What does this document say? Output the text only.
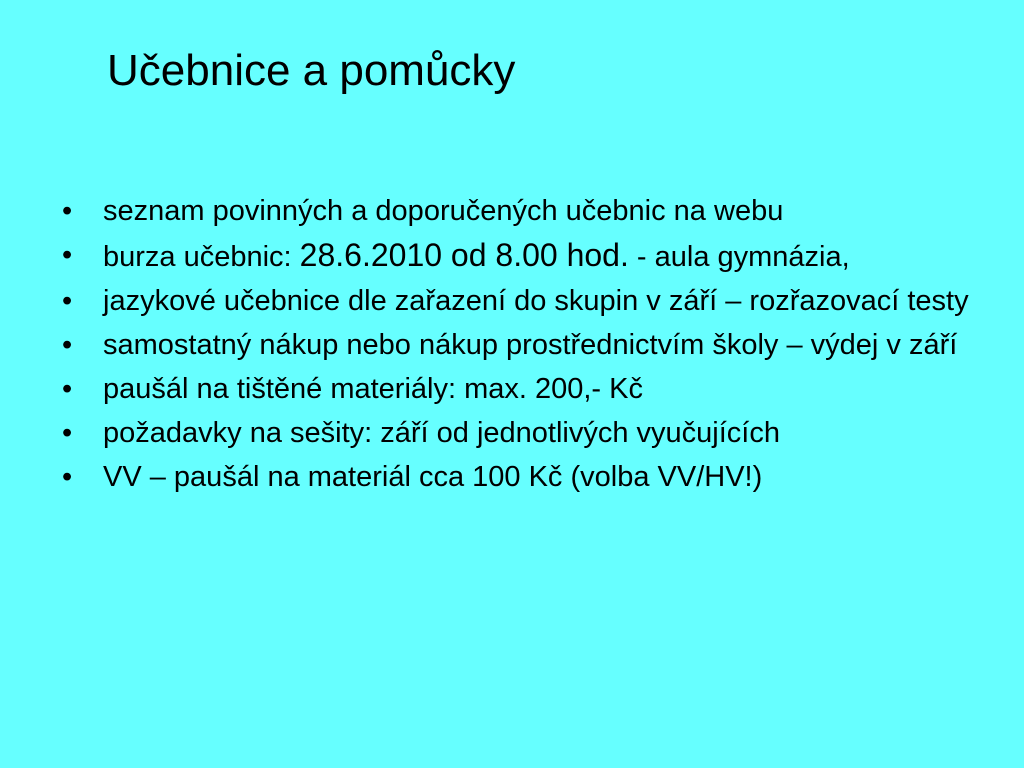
Učebnice a pomůcky
•	seznam povinných a doporučených učebnic na webu
•	burza učebnic: 28.6.2010 od 8.00 hod. - aula gymnázia,
•	jazykové učebnice dle zařazení do skupin v září – rozřazovací testy
•	samostatný nákup nebo nákup prostřednictvím školy – výdej v září
•	paušál na tištěné materiály: max. 200,- Kč
•	požadavky na sešity: září od jednotlivých vyučujících
•	VV – paušál na materiál cca 100 Kč (volba VV/HV!)
